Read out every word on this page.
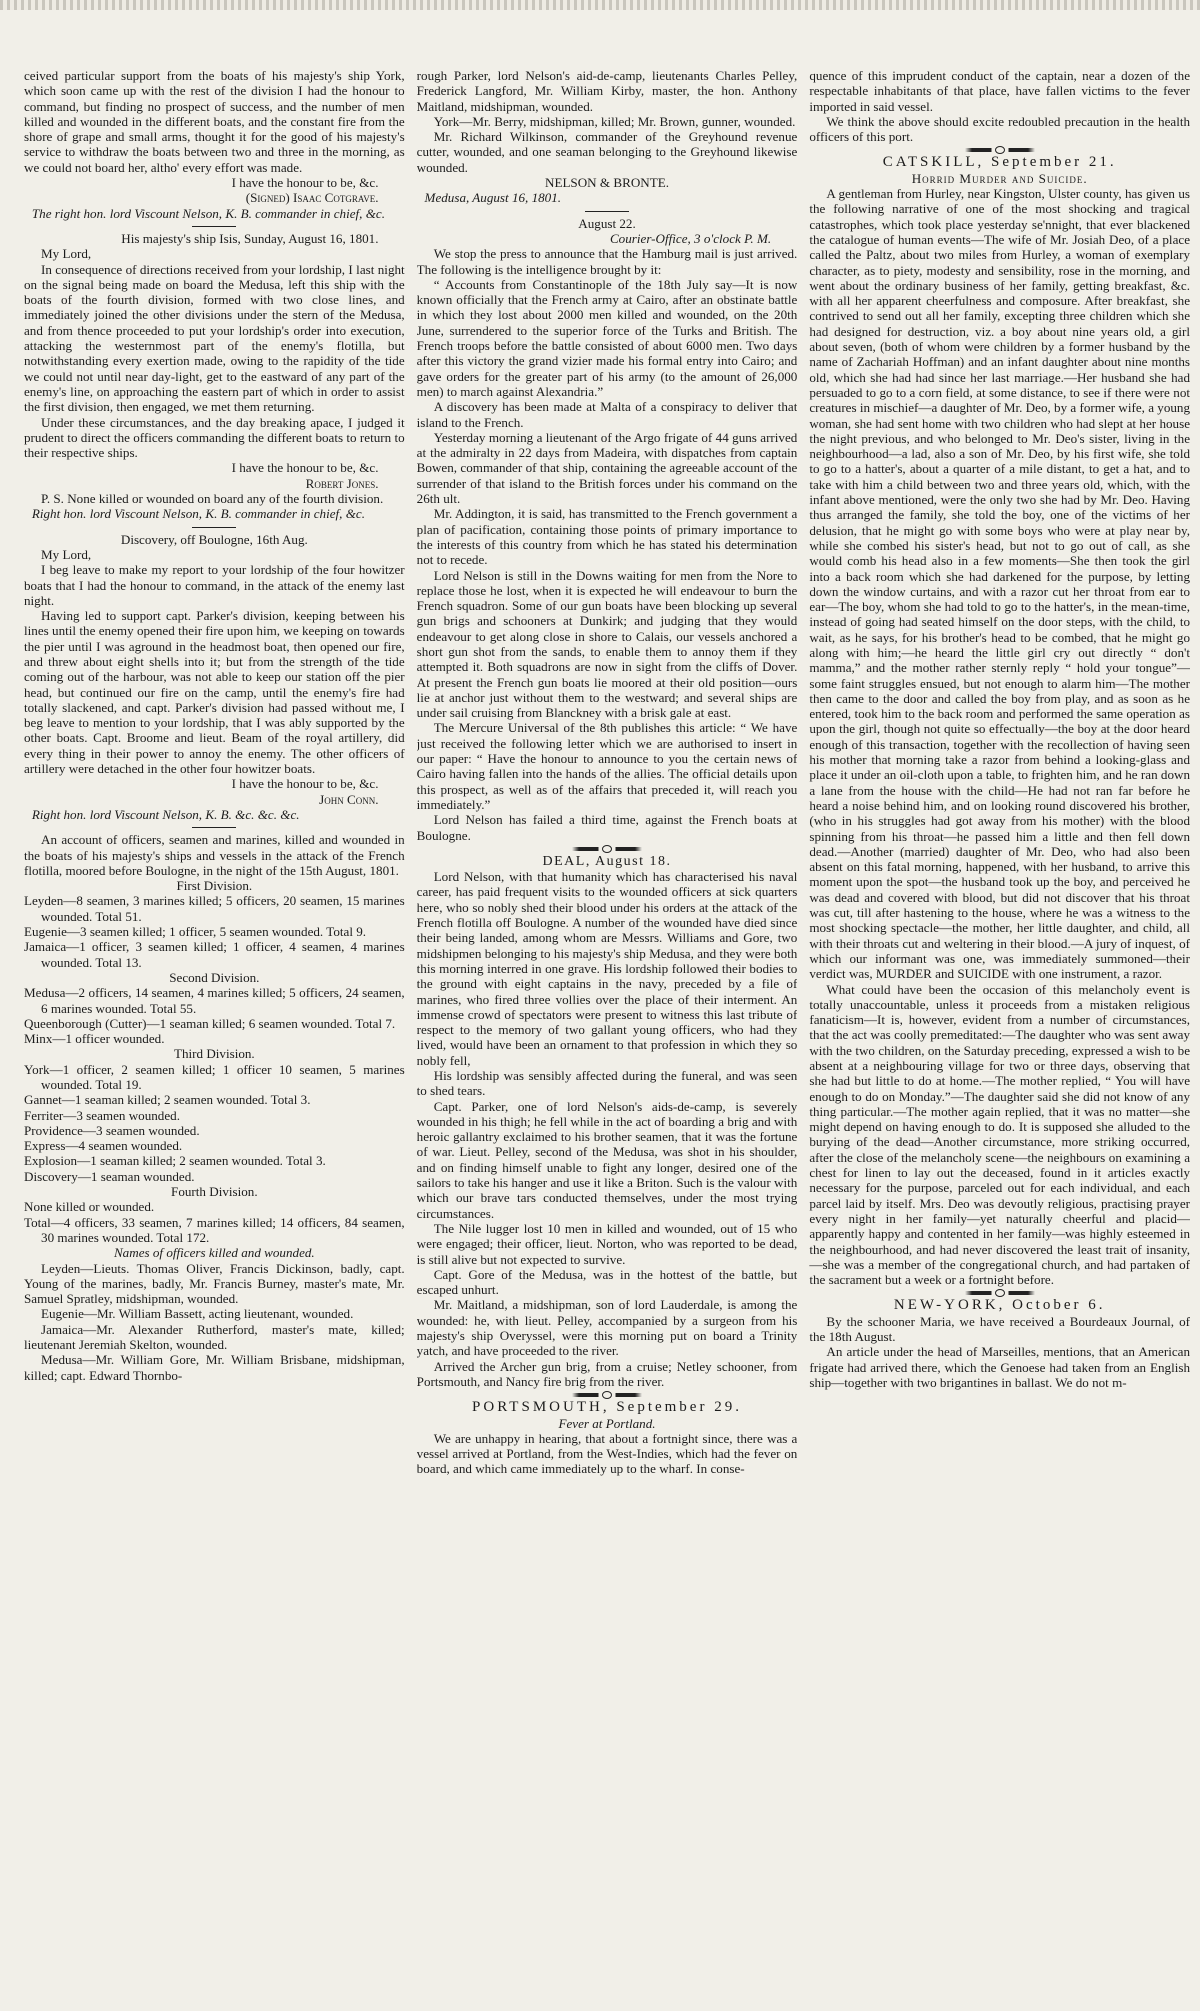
ceived particular support from the boats of his majesty's ship York, which soon came up with the rest of the division I had the honour to command, but finding no prospect of success, and the number of men killed and wounded in the different boats, and the constant fire from the shore of grape and small arms, thought it for the good of his majesty's service to withdraw the boats between two and three in the morning, as we could not board her, altho' every effort was made.

I have the honour to be, &c.

(Signed) Isaac Cotgrave.

The right hon. lord Viscount Nelson, K. B. commander in chief, &c.

His majesty's ship Isis, Sunday, August 16, 1801.

My Lord,

In consequence of directions received from your lordship, I last night on the signal being made on board the Medusa, left this ship with the boats of the fourth division, formed with two close lines, and immediately joined the other divisions under the stern of the Medusa, and from thence proceeded to put your lordship's order into execution, attacking the westernmost part of the enemy's flotilla, but notwithstanding every exertion made, owing to the rapidity of the tide we could not until near day-light, get to the eastward of any part of the enemy's line, on approaching the eastern part of which in order to assist the first division, then engaged, we met them returning.

Under these circumstances, and the day breaking apace, I judged it prudent to direct the officers commanding the different boats to return to their respective ships.

I have the honour to be, &c.

Robert Jones.

P. S. None killed or wounded on board any of the fourth division.

Right hon. lord Viscount Nelson, K. B. commander in chief, &c.

Discovery, off Boulogne, 16th Aug.

My Lord,

I beg leave to make my report to your lordship of the four howitzer boats that I had the honour to command, in the attack of the enemy last night.

Having led to support capt. Parker's division, keeping between his lines until the enemy opened their fire upon him, we keeping on towards the pier until I was aground in the headmost boat, then opened our fire, and threw about eight shells into it; but from the strength of the tide coming out of the harbour, was not able to keep our station off the pier head, but continued our fire on the camp, until the enemy's fire had totally slackened, and capt. Parker's division had passed without me, I beg leave to mention to your lordship, that I was ably supported by the other boats. Capt. Broome and lieut. Beam of the royal artillery, did every thing in their power to annoy the enemy. The other officers of artillery were detached in the other four howitzer boats.

I have the honour to be, &c.

John Conn.

Right hon. lord Viscount Nelson, K. B. &c. &c. &c.

An account of officers, seamen and marines, killed and wounded in the boats of his majesty's ships and vessels in the attack of the French flotilla, moored before Boulogne, in the night of the 15th August, 1801.

First Division.

Leyden—8 seamen, 3 marines killed; 5 officers, 20 seamen, 15 marines wounded. Total 51.

Eugenie—3 seamen killed; 1 officer, 5 seamen wounded. Total 9.

Jamaica—1 officer, 3 seamen killed; 1 officer, 4 seamen, 4 marines wounded. Total 13.

Second Division.

Medusa—2 officers, 14 seamen, 4 marines killed; 5 officers, 24 seamen, 6 marines wounded. Total 55.

Queenborough (Cutter)—1 seaman killed; 6 seamen wounded. Total 7.

Minx—1 officer wounded.

Third Division.

York—1 officer, 2 seamen killed; 1 officer 10 seamen, 5 marines wounded. Total 19.

Gannet—1 seaman killed; 2 seamen wounded. Total 3.

Ferriter—3 seamen wounded.

Providence—3 seamen wounded.

Express—4 seamen wounded.

Explosion—1 seaman killed; 2 seamen wounded. Total 3.

Discovery—1 seaman wounded.

Fourth Division.

None killed or wounded.

Total—4 officers, 33 seamen, 7 marines killed; 14 officers, 84 seamen, 30 marines wounded. Total 172.

Names of officers killed and wounded.

Leyden—Lieuts. Thomas Oliver, Francis Dickinson, badly, capt. Young of the marines, badly, Mr. Francis Burney, master's mate, Mr. Samuel Spratley, midshipman, wounded.

Eugenie—Mr. William Bassett, acting lieutenant, wounded.

Jamaica—Mr. Alexander Rutherford, master's mate, killed; lieutenant Jeremiah Skelton, wounded.

Medusa—Mr. William Gore, Mr. William Brisbane, midshipman, killed; capt. Edward Thornbo-

rough Parker, lord Nelson's aid-de-camp, lieutenants Charles Pelley, Frederick Langford, Mr. William Kirby, master, the hon. Anthony Maitland, midshipman, wounded.

York—Mr. Berry, midshipman, killed; Mr. Brown, gunner, wounded.

Mr. Richard Wilkinson, commander of the Greyhound revenue cutter, wounded, and one seaman belonging to the Greyhound likewise wounded.

NELSON & BRONTE.

Medusa, August 16, 1801.

August 22.

Courier-Office, 3 o'clock P. M.

We stop the press to announce that the Hamburg mail is just arrived. The following is the intelligence brought by it:

“ Accounts from Constantinople of the 18th July say—It is now known officially that the French army at Cairo, after an obstinate battle in which they lost about 2000 men killed and wounded, on the 20th June, surrendered to the superior force of the Turks and British. The French troops before the battle consisted of about 6000 men. Two days after this victory the grand vizier made his formal entry into Cairo; and gave orders for the greater part of his army (to the amount of 26,000 men) to march against Alexandria.”

A discovery has been made at Malta of a conspiracy to deliver that island to the French.

Yesterday morning a lieutenant of the Argo frigate of 44 guns arrived at the admiralty in 22 days from Madeira, with dispatches from captain Bowen, commander of that ship, containing the agreeable account of the surrender of that island to the British forces under his command on the 26th ult.

Mr. Addington, it is said, has transmitted to the French government a plan of pacification, containing those points of primary importance to the interests of this country from which he has stated his determination not to recede.

Lord Nelson is still in the Downs waiting for men from the Nore to replace those he lost, when it is expected he will endeavour to burn the French squadron. Some of our gun boats have been blocking up several gun brigs and schooners at Dunkirk; and judging that they would endeavour to get along close in shore to Calais, our vessels anchored a short gun shot from the sands, to enable them to annoy them if they attempted it. Both squadrons are now in sight from the cliffs of Dover. At present the French gun boats lie moored at their old position—ours lie at anchor just without them to the westward; and several ships are under sail cruising from Blanckney with a brisk gale at east.

The Mercure Universal of the 8th publishes this article: “ We have just received the following letter which we are authorised to insert in our paper: “ Have the honour to announce to you the certain news of Cairo having fallen into the hands of the allies. The official details upon this prospect, as well as of the affairs that preceded it, will reach you immediately.”

Lord Nelson has failed a third time, against the French boats at Boulogne.

DEAL, August 18.

Lord Nelson, with that humanity which has characterised his naval career, has paid frequent visits to the wounded officers at sick quarters here, who so nobly shed their blood under his orders at the attack of the French flotilla off Boulogne. A number of the wounded have died since their being landed, among whom are Messrs. Williams and Gore, two midshipmen belonging to his majesty's ship Medusa, and they were both this morning interred in one grave. His lordship followed their bodies to the ground with eight captains in the navy, preceded by a file of marines, who fired three vollies over the place of their interment. An immense crowd of spectators were present to witness this last tribute of respect to the memory of two gallant young officers, who had they lived, would have been an ornament to that profession in which they so nobly fell,

His lordship was sensibly affected during the funeral, and was seen to shed tears.

Capt. Parker, one of lord Nelson's aids-de-camp, is severely wounded in his thigh; he fell while in the act of boarding a brig and with heroic gallantry exclaimed to his brother seamen, that it was the fortune of war. Lieut. Pelley, second of the Medusa, was shot in his shoulder, and on finding himself unable to fight any longer, desired one of the sailors to take his hanger and use it like a Briton. Such is the valour with which our brave tars conducted themselves, under the most trying circumstances.

The Nile lugger lost 10 men in killed and wounded, out of 15 who were engaged; their officer, lieut. Norton, who was reported to be dead, is still alive but not expected to survive.

Capt. Gore of the Medusa, was in the hottest of the battle, but escaped unhurt.

Mr. Maitland, a midshipman, son of lord Lauderdale, is among the wounded: he, with lieut. Pelley, accompanied by a surgeon from his majesty's ship Overyssel, were this morning put on board a Trinity yatch, and have proceeded to the river.

Arrived the Archer gun brig, from a cruise; Netley schooner, from Portsmouth, and Nancy fire brig from the river.

PORTSMOUTH, September 29.

Fever at Portland.

We are unhappy in hearing, that about a fortnight since, there was a vessel arrived at Portland, from the West-Indies, which had the fever on board, and which came immediately up to the wharf. In conse-

quence of this imprudent conduct of the captain, near a dozen of the respectable inhabitants of that place, have fallen victims to the fever imported in said vessel.

We think the above should excite redoubled precaution in the health officers of this port.

CATSKILL, September 21.

Horrid Murder and Suicide.

A gentleman from Hurley, near Kingston, Ulster county, has given us the following narrative of one of the most shocking and tragical catastrophes, which took place yesterday se'nnight, that ever blackened the catalogue of human events—The wife of Mr. Josiah Deo, of a place called the Paltz, about two miles from Hurley, a woman of exemplary character, as to piety, modesty and sensibility, rose in the morning, and went about the ordinary business of her family, getting breakfast, &c. with all her apparent cheerfulness and composure. After breakfast, she contrived to send out all her family, excepting three children which she had designed for destruction, viz. a boy about nine years old, a girl about seven, (both of whom were children by a former husband by the name of Zachariah Hoffman) and an infant daughter about nine months old, which she had had since her last marriage.—Her husband she had persuaded to go to a corn field, at some distance, to see if there were not creatures in mischief—a daughter of Mr. Deo, by a former wife, a young woman, she had sent home with two children who had slept at her house the night previous, and who belonged to Mr. Deo's sister, living in the neighbourhood—a lad, also a son of Mr. Deo, by his first wife, she told to go to a hatter's, about a quarter of a mile distant, to get a hat, and to take with him a child between two and three years old, which, with the infant above mentioned, were the only two she had by Mr. Deo. Having thus arranged the family, she told the boy, one of the victims of her delusion, that he might go with some boys who were at play near by, while she combed his sister's head, but not to go out of call, as she would comb his head also in a few moments—She then took the girl into a back room which she had darkened for the purpose, by letting down the window curtains, and with a razor cut her throat from ear to ear—The boy, whom she had told to go to the hatter's, in the mean-time, instead of going had seated himself on the door steps, with the child, to wait, as he says, for his brother's head to be combed, that he might go along with him;—he heard the little girl cry out directly “ don't mamma,” and the mother rather sternly reply “ hold your tongue”—some faint struggles ensued, but not enough to alarm him—The mother then came to the door and called the boy from play, and as soon as he entered, took him to the back room and performed the same operation as upon the girl, though not quite so effectually—the boy at the door heard enough of this transaction, together with the recollection of having seen his mother that morning take a razor from behind a looking-glass and place it under an oil-cloth upon a table, to frighten him, and he ran down a lane from the house with the child—He had not ran far before he heard a noise behind him, and on looking round discovered his brother, (who in his struggles had got away from his mother) with the blood spinning from his throat—he passed him a little and then fell down dead.—Another (married) daughter of Mr. Deo, who had also been absent on this fatal morning, happened, with her husband, to arrive this moment upon the spot—the husband took up the boy, and perceived he was dead and covered with blood, but did not discover that his throat was cut, till after hastening to the house, where he was a witness to the most shocking spectacle—the mother, her little daughter, and child, all with their throats cut and weltering in their blood.—A jury of inquest, of which our informant was one, was immediately summoned—their verdict was, MURDER and SUICIDE with one instrument, a razor.

What could have been the occasion of this melancholy event is totally unaccountable, unless it proceeds from a mistaken religious fanaticism—It is, however, evident from a number of circumstances, that the act was coolly premeditated:—The daughter who was sent away with the two children, on the Saturday preceding, expressed a wish to be absent at a neighbouring village for two or three days, observing that she had but little to do at home.—The mother replied, “ You will have enough to do on Monday.”—The daughter said she did not know of any thing particular.—The mother again replied, that it was no matter—she might depend on having enough to do. It is supposed she alluded to the burying of the dead—Another circumstance, more striking occurred, after the close of the melancholy scene—the neighbours on examining a chest for linen to lay out the deceased, found in it articles exactly necessary for the purpose, parceled out for each individual, and each parcel laid by itself. Mrs. Deo was devoutly religious, practising prayer every night in her family—yet naturally cheerful and placid—apparently happy and contented in her family—was highly esteemed in the neighbourhood, and had never discovered the least trait of insanity,—she was a member of the congregational church, and had partaken of the sacrament but a week or a fortnight before.

NEW-YORK, October 6.

By the schooner Maria, we have received a Bourdeaux Journal, of the 18th August.

An article under the head of Marseilles, mentions, that an American frigate had arrived there, which the Genoese had taken from an English ship—together with two brigantines in ballast. We do not m-
